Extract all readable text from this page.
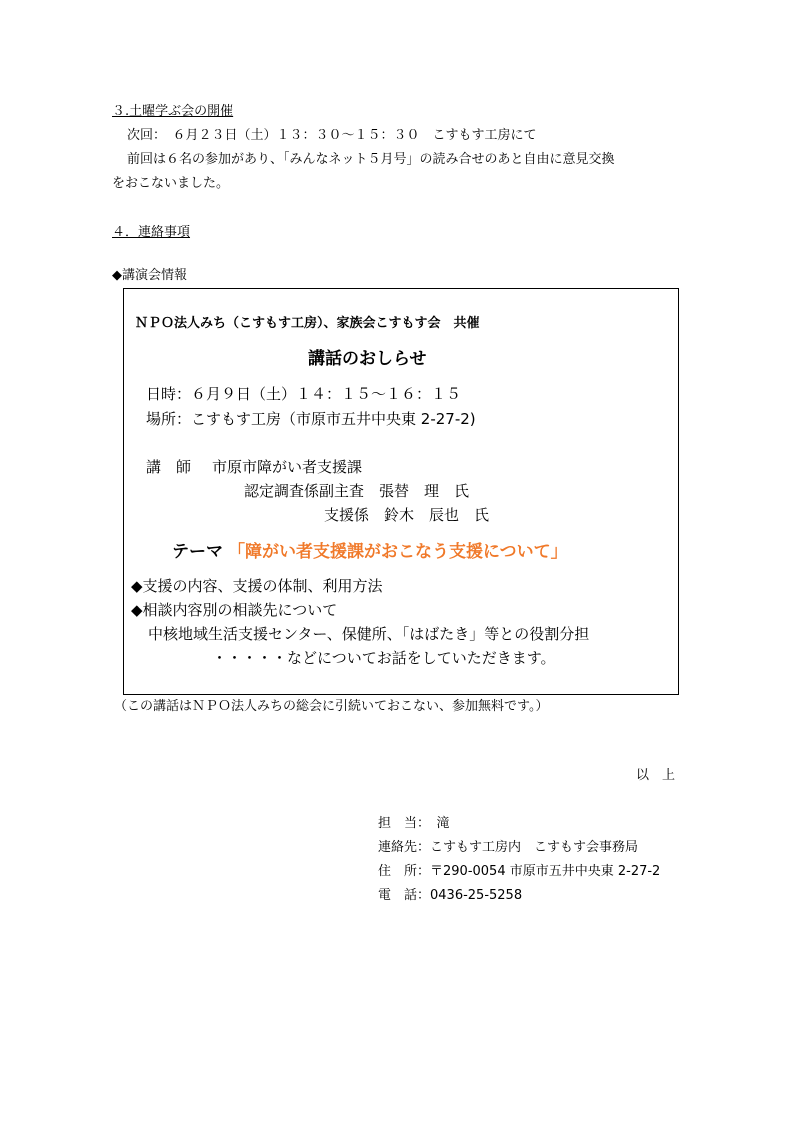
３.土曜学ぶ会の開催
次回：　６月２３日（土）１３：３０～１５：３０　こすもす工房にて
前回は６名の参加があり、「みんなネット５月号」の読み合せのあと自由に意見交換
をおこないました。
４．連絡事項
◆講演会情報
ＮＰＯ法人みち（こすもす工房）、家族会こすもす会　共催
講話のおしらせ
日時：６月９日（土）１４：１５～１６：１５
場所：こすもす工房（市原市五井中央東 2-27-2)
講　師 市原市障がい者支援課
認定調査係副主査　張替　理　氏
支援係　鈴木　辰也　氏
テーマ 「障がい者支援課がおこなう支援について」
◆支援の内容、支援の体制、利用方法
◆相談内容別の相談先について
中核地域生活支援センター、保健所、「はばたき」等との役割分担
・・・・・などについてお話をしていただきます。
（この講話はＮＰＯ法人みちの総会に引続いておこない、参加無料です。）
以　上
担　当：　滝
連絡先：こすもす工房内　こすもす会事務局
住　所：〒290-0054 市原市五井中央東 2-27-2
電　話：0436-25-5258
